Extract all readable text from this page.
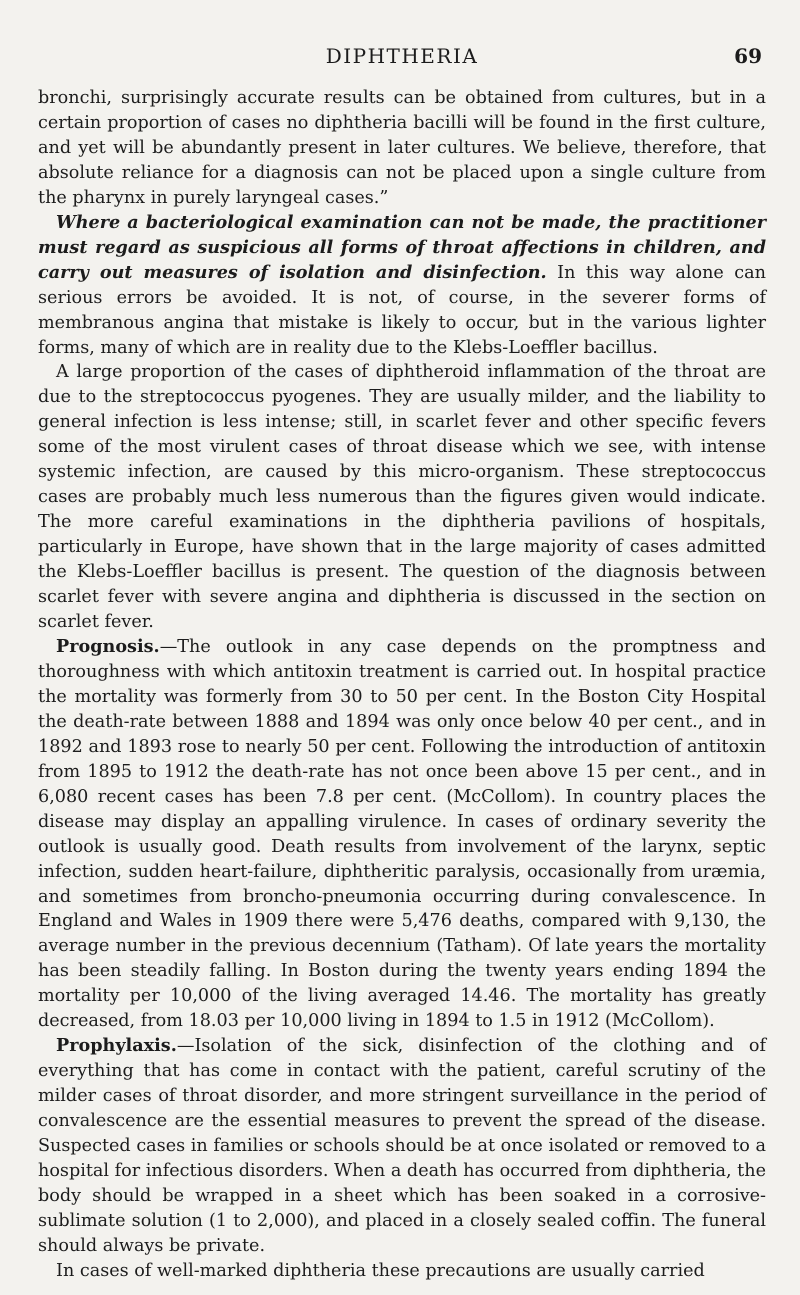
DIPHTHERIA	69

bronchi, surprisingly accurate results can be obtained from cultures, but in a certain proportion of cases no diphtheria bacilli will be found in the first culture, and yet will be abundantly present in later cultures. We believe, therefore, that absolute reliance for a diagnosis can not be placed upon a single culture from the pharynx in purely laryngeal cases.”

Where a bacteriological examination can not be made, the practitioner must regard as suspicious all forms of throat affections in children, and carry out measures of isolation and disinfection. In this way alone can serious errors be avoided. It is not, of course, in the severer forms of membranous angina that mistake is likely to occur, but in the various lighter forms, many of which are in reality due to the Klebs-Loeffler bacillus.

A large proportion of the cases of diphtheroid inflammation of the throat are due to the streptococcus pyogenes. They are usually milder, and the liability to general infection is less intense; still, in scarlet fever and other specific fevers some of the most virulent cases of throat disease which we see, with intense systemic infection, are caused by this micro-organism. These streptococcus cases are probably much less numerous than the figures given would indicate. The more careful examinations in the diphtheria pavilions of hospitals, particularly in Europe, have shown that in the large majority of cases admitted the Klebs-Loeffler bacillus is present. The question of the diagnosis between scarlet fever with severe angina and diphtheria is discussed in the section on scarlet fever.

Prognosis.—The outlook in any case depends on the promptness and thoroughness with which antitoxin treatment is carried out. In hospital practice the mortality was formerly from 30 to 50 per cent. In the Boston City Hospital the death-rate between 1888 and 1894 was only once below 40 per cent., and in 1892 and 1893 rose to nearly 50 per cent. Following the introduction of antitoxin from 1895 to 1912 the death-rate has not once been above 15 per cent., and in 6,080 recent cases has been 7.8 per cent. (McCollom). In country places the disease may display an appalling virulence. In cases of ordinary severity the outlook is usually good. Death results from involvement of the larynx, septic infection, sudden heart-failure, diphtheritic paralysis, occasionally from uræmia, and sometimes from broncho-pneumonia occurring during convalescence. In England and Wales in 1909 there were 5,476 deaths, compared with 9,130, the average number in the previous decennium (Tatham). Of late years the mortality has been steadily falling. In Boston during the twenty years ending 1894 the mortality per 10,000 of the living averaged 14.46. The mortality has greatly decreased, from 18.03 per 10,000 living in 1894 to 1.5 in 1912 (McCollom).

Prophylaxis.—Isolation of the sick, disinfection of the clothing and of everything that has come in contact with the patient, careful scrutiny of the milder cases of throat disorder, and more stringent surveillance in the period of convalescence are the essential measures to prevent the spread of the disease. Suspected cases in families or schools should be at once isolated or removed to a hospital for infectious disorders. When a death has occurred from diphtheria, the body should be wrapped in a sheet which has been soaked in a corrosive-sublimate solution (1 to 2,000), and placed in a closely sealed coffin. The funeral should always be private.

In cases of well-marked diphtheria these precautions are usually carried
